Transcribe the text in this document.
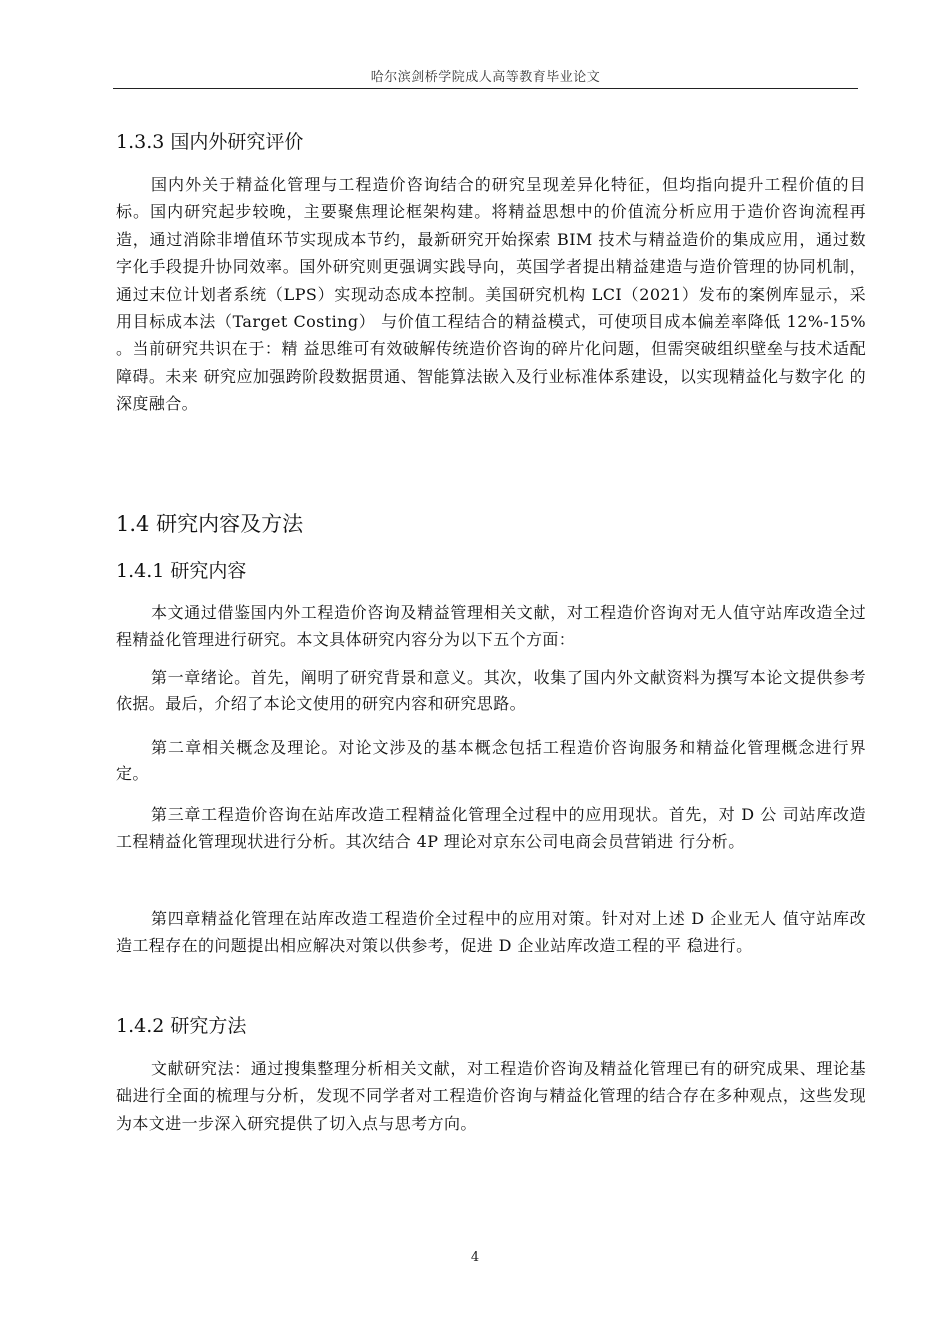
哈尔滨剑桥学院成人高等教育毕业论文
1.3.3 国内外研究评价

国内外关于精益化管理与工程造价咨询结合的研究呈现差异化特征，但均指向提升工程价值的目标。国内研究起步较晚，主要聚焦理论框架构建。将精益思想中的价值流分析应用于造价咨询流程再造，通过消除非增值环节实现成本节约，最新研究开始探索 BIM 技术与精益造价的集成应用，通过数字化手段提升协同效率。国外研究则更强调实践导向，英国学者提出精益建造与造价管理的协同机制，通过末位计划者系统（LPS）实现动态成本控制。美国研究机构 LCI（2021）发布的案例库显示，采用目标成本法（Target Costing） 与价值工程结合的精益模式，可使项目成本偏差率降低 12%-15% 。当前研究共识在于：精 益思维可有效破解传统造价咨询的碎片化问题，但需突破组织壁垒与技术适配障碍。未来 研究应加强跨阶段数据贯通、智能算法嵌入及行业标准体系建设，以实现精益化与数字化 的深度融合。

1.4 研究内容及方法
1.4.1 研究内容

本文通过借鉴国内外工程造价咨询及精益管理相关文献，对工程造价咨询对无人值守站库改造全过程精益化管理进行研究。本文具体研究内容分为以下五个方面：

第一章绪论。首先，阐明了研究背景和意义。其次，收集了国内外文献资料为撰写本论文提供参考依据。最后，介绍了本论文使用的研究内容和研究思路。

第二章相关概念及理论。对论文涉及的基本概念包括工程造价咨询服务和精益化管理概念进行界定。

第三章工程造价咨询在站库改造工程精益化管理全过程中的应用现状。首先，对 D 公 司站库改造工程精益化管理现状进行分析。其次结合 4P 理论对京东公司电商会员营销进 行分析。

第四章精益化管理在站库改造工程造价全过程中的应用对策。针对对上述 D 企业无人 值守站库改造工程存在的问题提出相应解决对策以供参考，促进 D 企业站库改造工程的平 稳进行。

1.4.2 研究方法

文献研究法：通过搜集整理分析相关文献，对工程造价咨询及精益化管理已有的研究成果、理论基础进行全面的梳理与分析，发现不同学者对工程造价咨询与精益化管理的结合存在多种观点，这些发现为本文进一步深入研究提供了切入点与思考方向。

4
